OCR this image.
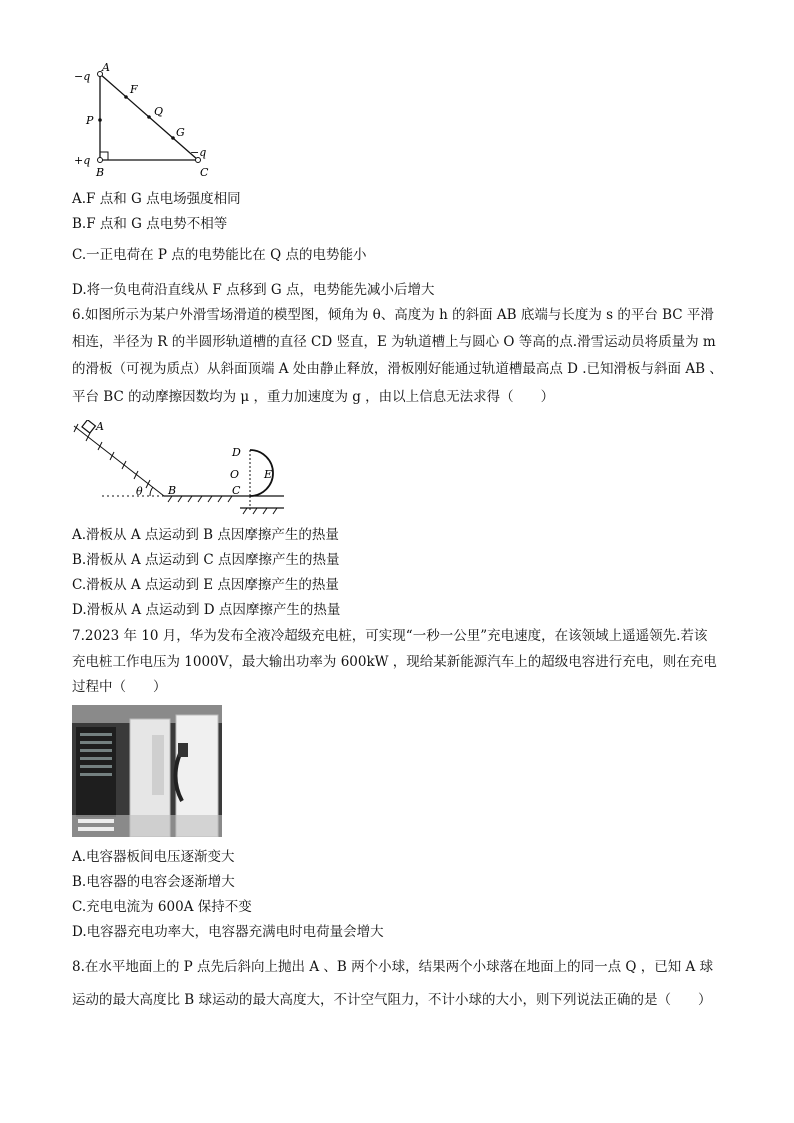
A
−q
F
Q
G
P
+q
B
−q
C
A.F 点和 G 点电场强度相同
B.F 点和 G 点电势不相等
C.一正电荷在 P 点的电势能比在 Q 点的电势能小
D.将一负电荷沿直线从 F 点移到 G 点，电势能先减小后增大
6.如图所示为某户外滑雪场滑道的模型图，倾角为 θ、高度为 h 的斜面 AB 底端与长度为 s 的平台 BC 平滑
相连，半径为 R 的半圆形轨道槽的直径 CD 竖直，E 为轨道槽上与圆心 O 等高的点.滑雪运动员将质量为 m
的滑板（可视为质点）从斜面顶端 A 处由静止释放，滑板刚好能通过轨道槽最高点 D .已知滑板与斜面 AB 、
平台 BC 的动摩擦因数均为 μ ，重力加速度为 g ，由以上信息无法求得（　　）
A
θ B	C
D
O E
A.滑板从 A 点运动到 B 点因摩擦产生的热量
B.滑板从 A 点运动到 C 点因摩擦产生的热量
C.滑板从 A 点运动到 E 点因摩擦产生的热量
D.滑板从 A 点运动到 D 点因摩擦产生的热量
7.2023 年 10 月，华为发布全液冷超级充电桩，可实现“一秒一公里”充电速度，在该领域上遥遥领先.若该
充电桩工作电压为 1000V，最大输出功率为 600kW ，现给某新能源汽车上的超级电容进行充电，则在充电
过程中（　　）
A.电容器板间电压逐渐变大
B.电容器的电容会逐渐增大
C.充电电流为 600A 保持不变
D.电容器充电功率大，电容器充满电时电荷量会增大
8.在水平地面上的 P 点先后斜向上抛出 A 、B 两个小球，结果两个小球落在地面上的同一点 Q ，已知 A 球
运动的最大高度比 B 球运动的最大高度大，不计空气阻力，不计小球的大小，则下列说法正确的是（　　）
